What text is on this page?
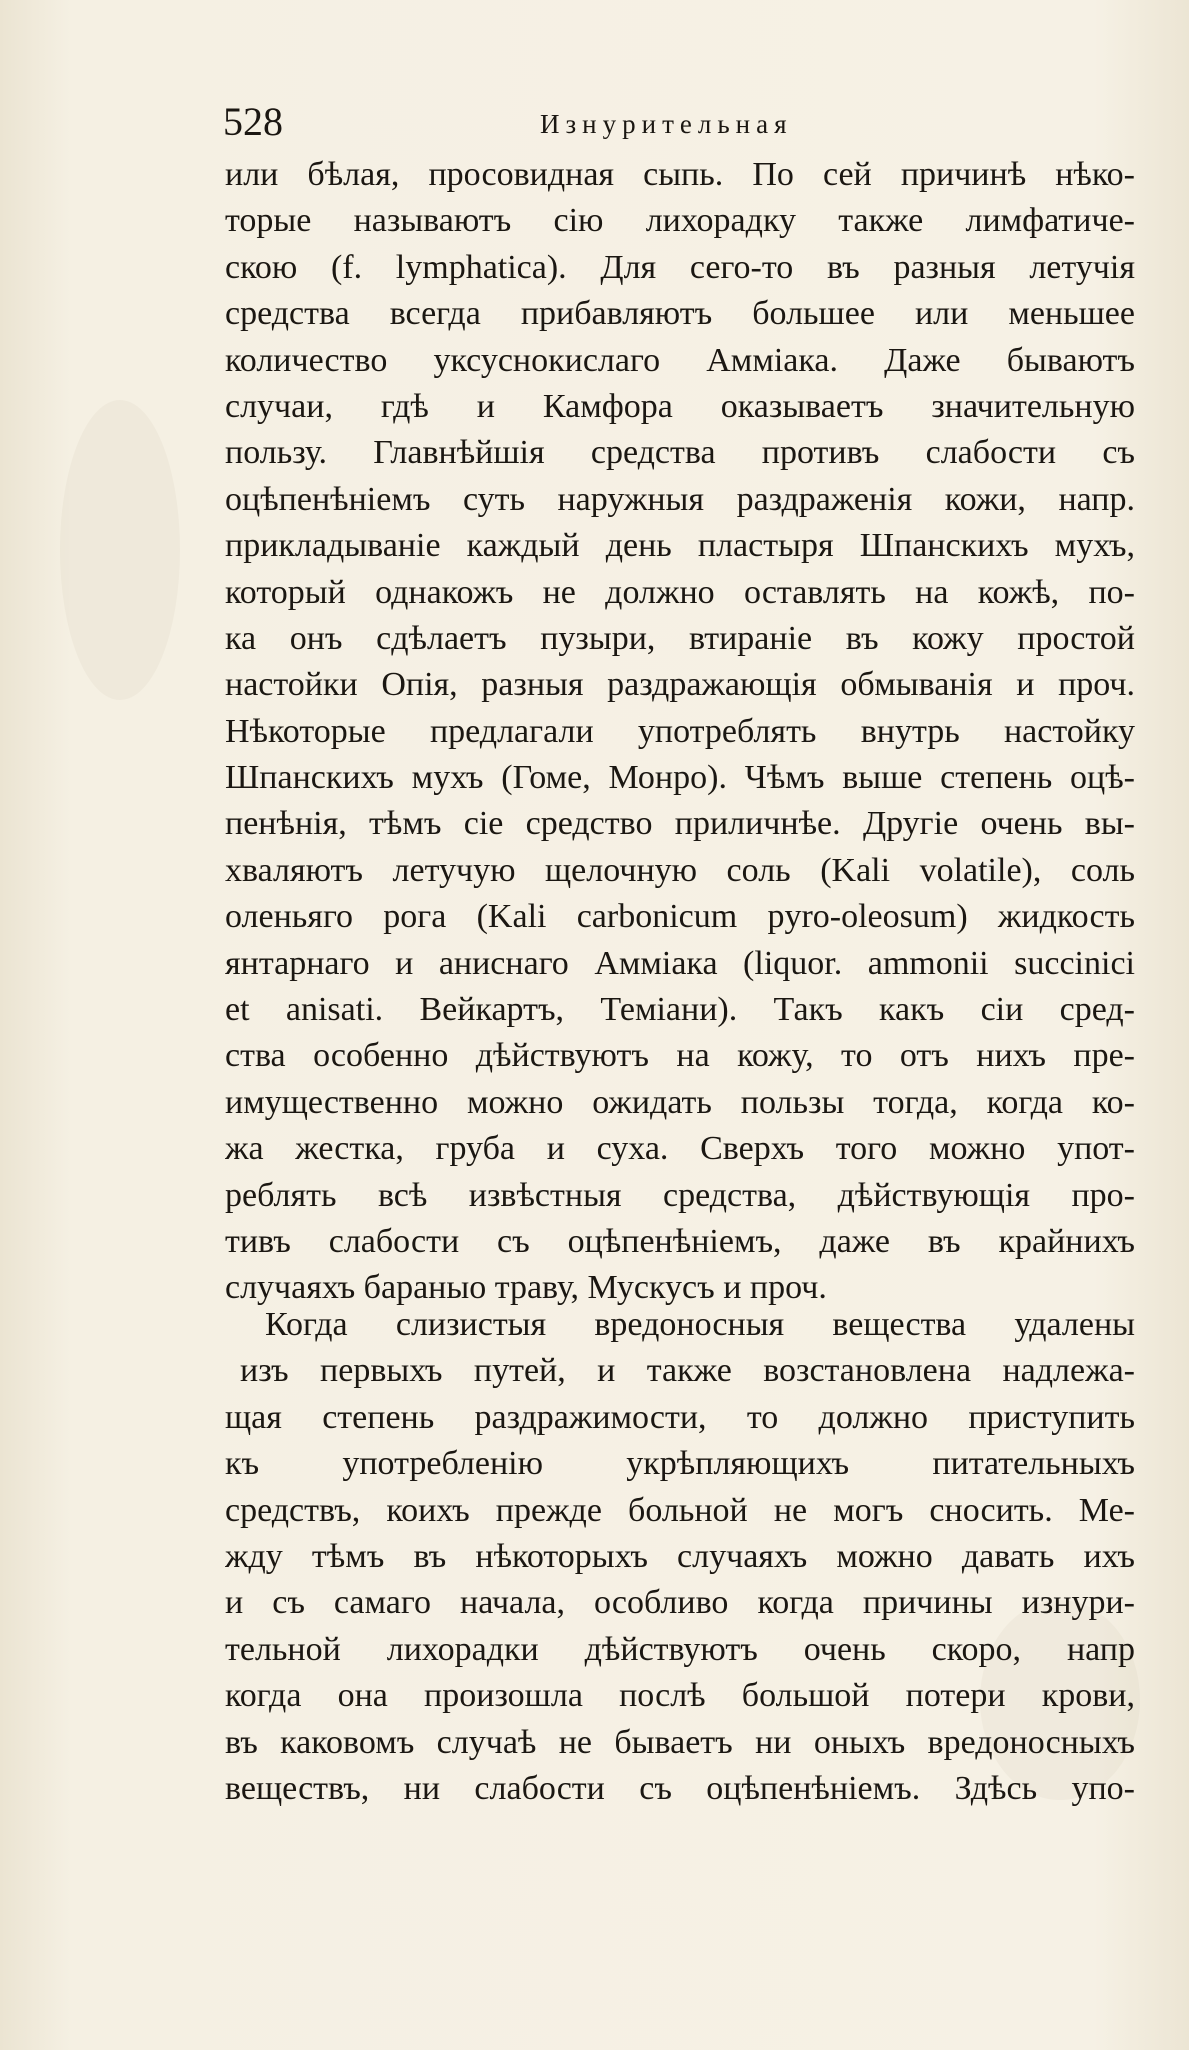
528	Изнурительная
или бѣлая, просовидная сыпь. По сей причинѣ нѣко-
торые называютъ сію лихорадку также лимфатиче-
скою (f. lymphatica). Для сего-то въ разныя летучія
средства всегда прибавляютъ большее или меньшее
количество уксуснокислаго Амміака. Даже бываютъ
случаи, гдѣ и Камфора оказываетъ значительную
пользу. Главнѣйшія средства противъ слабости съ
оцѣпенѣніемъ суть наружныя раздраженія кожи, напр.
прикладываніе каждый день пластыря Шпанскихъ мухъ,
который однакожъ не должно оставлять на кожѣ, по-
ка онъ сдѣлаетъ пузыри, втираніе въ кожу простой
настойки Опія, разныя раздражающія обмыванія и проч.
Нѣкоторые предлагали употреблять внутрь настойку
Шпанскихъ мухъ (Гоме, Монро). Чѣмъ выше степень оцѣ-
пенѣнія, тѣмъ сіе средство приличнѣе. Другіе очень вы-
хваляютъ летучую щелочную соль (Kali volatile), соль
оленьяго рога (Kali carbonicum pyro-oleosum) жидкость
янтарнаго и аниснаго Амміака (liquor. ammonii succinici
et anisati. Вейкартъ, Теміани). Такъ какъ сіи сред-
ства особенно дѣйствуютъ на кожу, то отъ нихъ пре-
имущественно можно ожидать пользы тогда, когда ко-
жа жестка, груба и суха. Сверхъ того можно упот-
реблять всѣ извѣстныя средства, дѣйствующія про-
тивъ слабости съ оцѣпенѣніемъ, даже въ крайнихъ
случаяхъ бараныо траву, Мускусъ и проч.
Когда слизистыя вредоносныя вещества удалены
изъ первыхъ путей, и также возстановлена надлежа-
щая степень раздражимости, то должно приступить
къ употребленію укрѣпляющихъ питательныхъ
средствъ, коихъ прежде больной не могъ сносить. Ме-
жду тѣмъ въ нѣкоторыхъ случаяхъ можно давать ихъ
и съ самаго начала, особливо когда причины изнури-
тельной лихорадки дѣйствуютъ очень скоро, напр
когда она произошла послѣ большой потери крови,
въ каковомъ случаѣ не бываетъ ни оныхъ вредоносныхъ
веществъ, ни слабости съ оцѣпенѣніемъ. Здѣсь упо-
